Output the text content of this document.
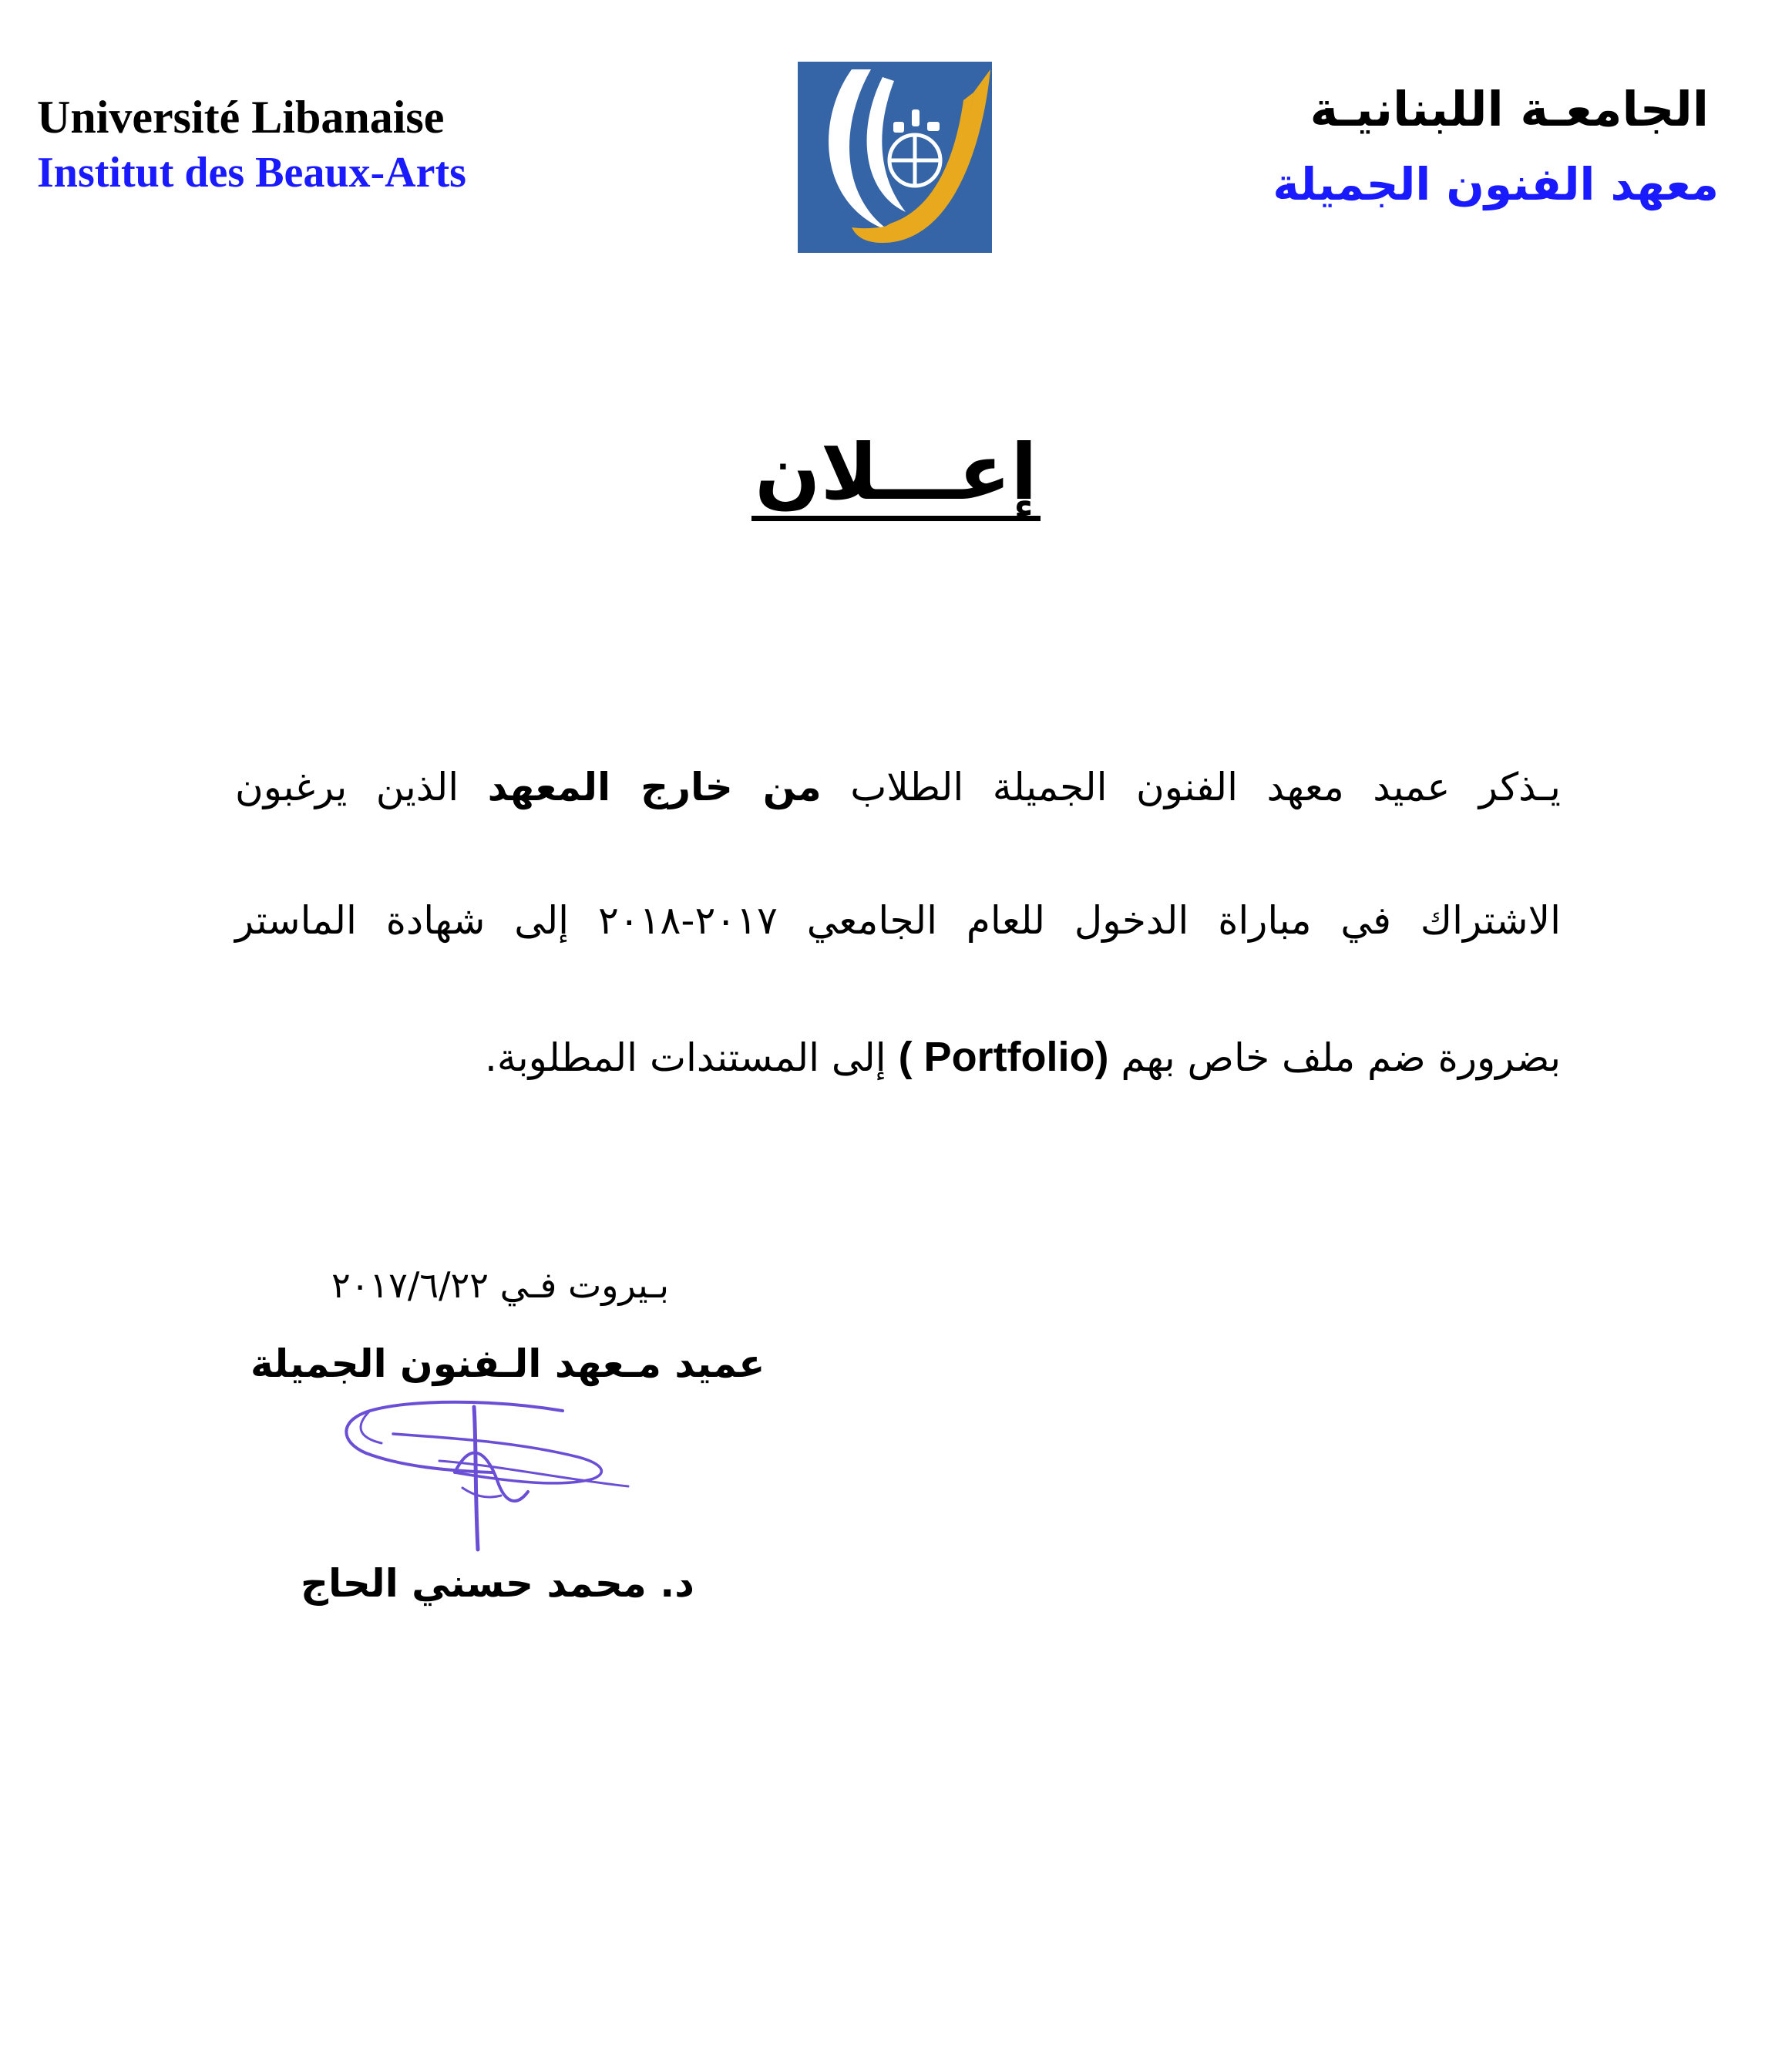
Université Libanaise
Institut des Beaux-Arts
الجامعـة اللبنانيـة
معهد الفنون الجميلة
إعـــلان
يـذكر عميد معهد الفنون الجميلة الطلاب من خارج المعهد الذين يرغبون
الاشتراك في مباراة الدخول للعام الجامعي ٢٠١٧-٢٠١٨ إلى شهادة الماستر
بضرورة ضم ملف خاص بهم ( Portfolio) إلى المستندات المطلوبة.
بـيروت فـي ٢٠١٧/٦/٢٢
عميد مـعهد الـفنون الجميلة
د. محمد حسني الحاج
